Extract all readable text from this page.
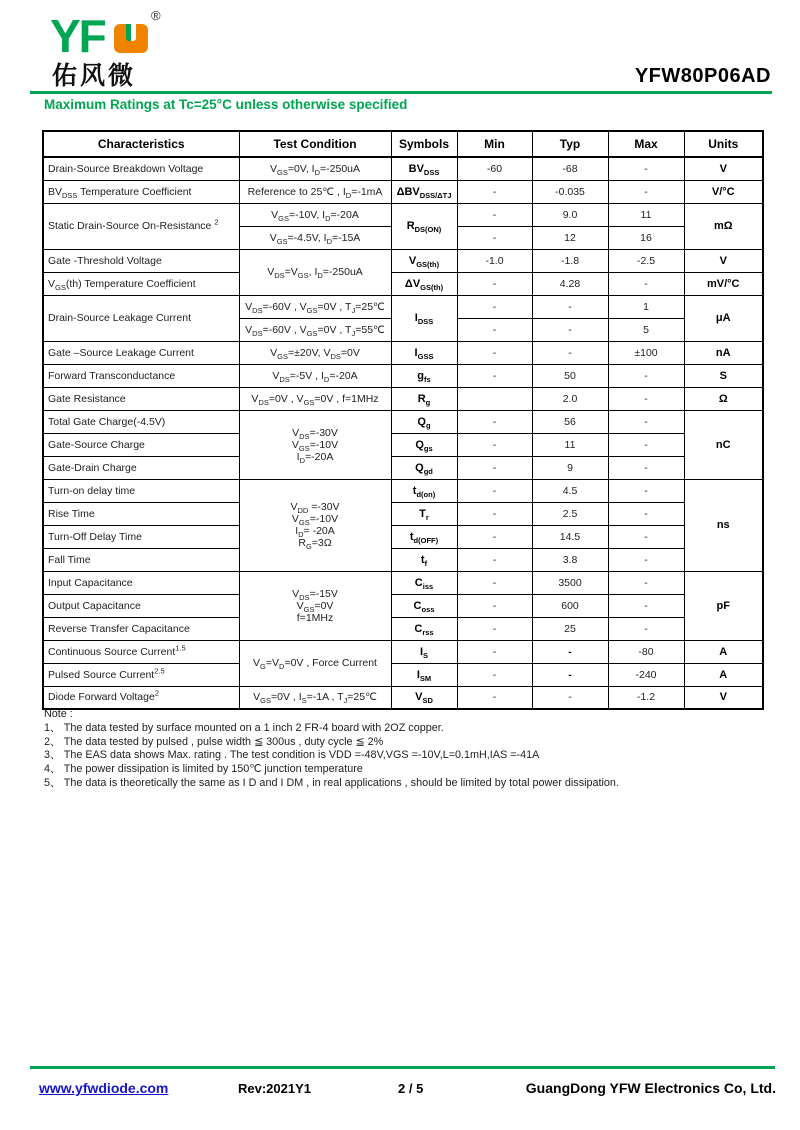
YF	®
佑风微	YFW80P06AD
Maximum Ratings at Tc=25°C unless otherwise specified
Characteristics	Test Condition	Symbols	Min	Typ	Max	Units
Drain-Source Breakdown Voltage	$V_{GS}=0V$, $I_D=-250uA$	$BV_{DSS}$	-60	-68	-	V
$BV_{DSS}$ Temperature Coefficient	Reference to 25℃ , $I_D=-1mA$	$\Delta BV_{DSS/\Delta TJ}$	-	-0.035	-	V/°C
Static Drain-Source On-Resistance $^2$	$V_{GS}=-10V$, $I_D=-20A$	$R_{DS(ON)}$	-	9.0	11	mΩ
	$V_{GS}=-4.5V$, $I_D=-15A$		-	12	16	
Gate -Threshold Voltage	$V_{DS}=V_{GS}$, $I_D=-250uA$	$V_{GS(th)}$	-1.0	-1.8	-2.5	V
$V_{GS}(th)$ Temperature Coefficient		$\Delta V_{GS(th)}$	-	4.28	-	mV/°C
Drain-Source Leakage Current	$V_{DS}=-60V$ , $V_{GS}=0V$ , $T_J=25℃$	$I_{DSS}$	-	-	1	μA
	$V_{DS}=-60V$ , $V_{GS}=0V$ , $T_J=55℃$		-	-	5	
Gate –Source Leakage Current	$V_{GS}=\pm 20V$, $V_{DS}=0V$	$I_{GSS}$	-	-	±100	nA
Forward Transconductance	$V_{DS}=-5V$ , $I_D=-20A$	$g_{fs}$	-	50	-	S
Gate Resistance	$V_{DS}=0V$ , $V_{GS}=0V$ , f=1MHz	$R_g$		2.0	-	Ω
Total Gate Charge(-4.5V)	$V_{DS}=-30V$
$V_{GS}=-10V$
$I_D=-20A$	$Q_g$	-	56	-	nC
Gate-Source Charge		$Q_{gs}$	-	11	-	
Gate-Drain Charge		$Q_{gd}$	-	9	-	
Turn-on delay time	$V_{DD} =-30V$
$V_{GS}=-10V$
$I_D= -20A$
$R_G=3\Omega$	$t_{d(on)}$	-	4.5	-	ns
Rise Time		$T_r$	-	2.5	-	
Turn-Off Delay Time		$t_{d(OFF)}$	-	14.5	-	
Fall Time		$t_f$	-	3.8	-	
Input Capacitance	$V_{DS}=-15V$
$V_{GS}=0V$
f=1MHz	$C_{iss}$	-	3500	-	pF
Output Capacitance		$C_{oss}$	-	600	-	
Reverse Transfer Capacitance		$C_{rss}$	-	25	-	
Continuous Source Current$^{1.5}$	$V_G=V_D=0V$ , Force Current	$I_S$	-	-	-80	A
Pulsed Source Current$^{2.5}$		$I_{SM}$	-	-	-240	A
Diode Forward Voltage$^2$	$V_{GS}=0V$ , $I_S=-1A$ , $T_J=25℃$	$V_{SD}$	-	-	-1.2	V
Note :
1、 The data tested by surface mounted on a 1 inch 2 FR-4 board with 2OZ copper.
2、 The data tested by pulsed , pulse width ≦ 300us , duty cycle ≦ 2%
3、 The EAS data shows Max. rating . The test condition is VDD =-48V,VGS =-10V,L=0.1mH,IAS =-41A
4、 The power dissipation is limited by 150℃ junction temperature
5、 The data is theoretically the same as I D and I DM , in real applications , should be limited by total power dissipation.
www.yfwdiode.com	Rev:2021Y1	2 / 5	GuangDong YFW Electronics Co, Ltd.
